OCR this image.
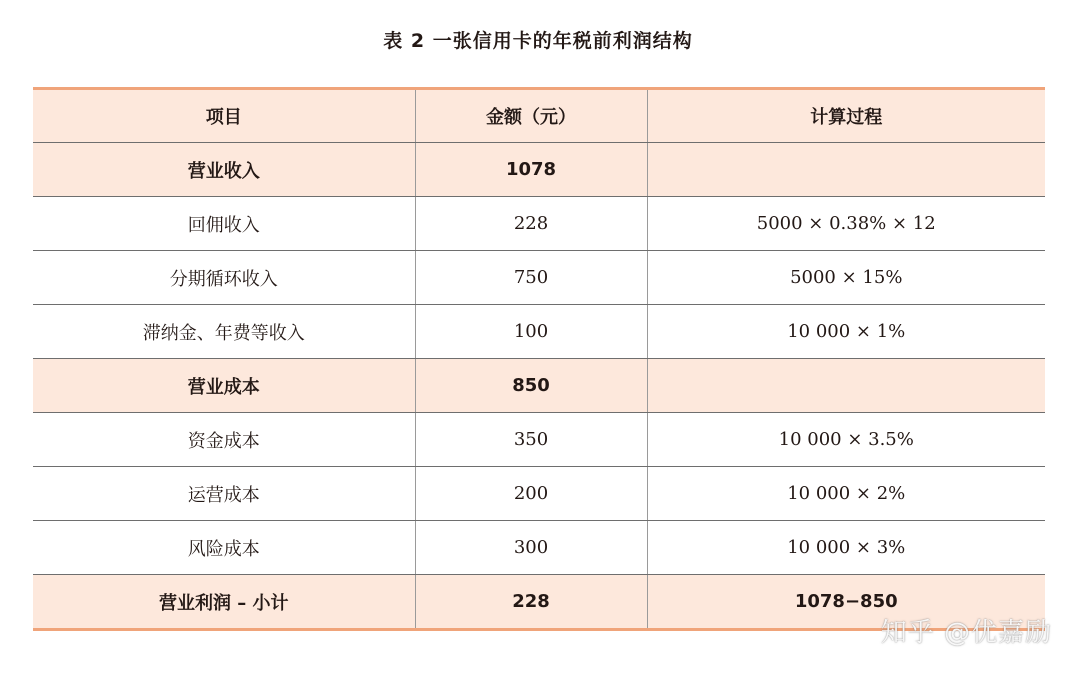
表 2 一张信用卡的年税前利润结构
项目	金额（元）	计算过程
营业收入	1078	
回佣收入	228	5000 × 0.38% × 12
分期循环收入	750	5000 × 15%
滞纳金、年费等收入	100	10 000 × 1%
营业成本	850	
资金成本	350	10 000 × 3.5%
运营成本	200	10 000 × 2%
风险成本	300	10 000 × 3%
营业利润 – 小计	228	1078−850
知乎 @优嘉励
